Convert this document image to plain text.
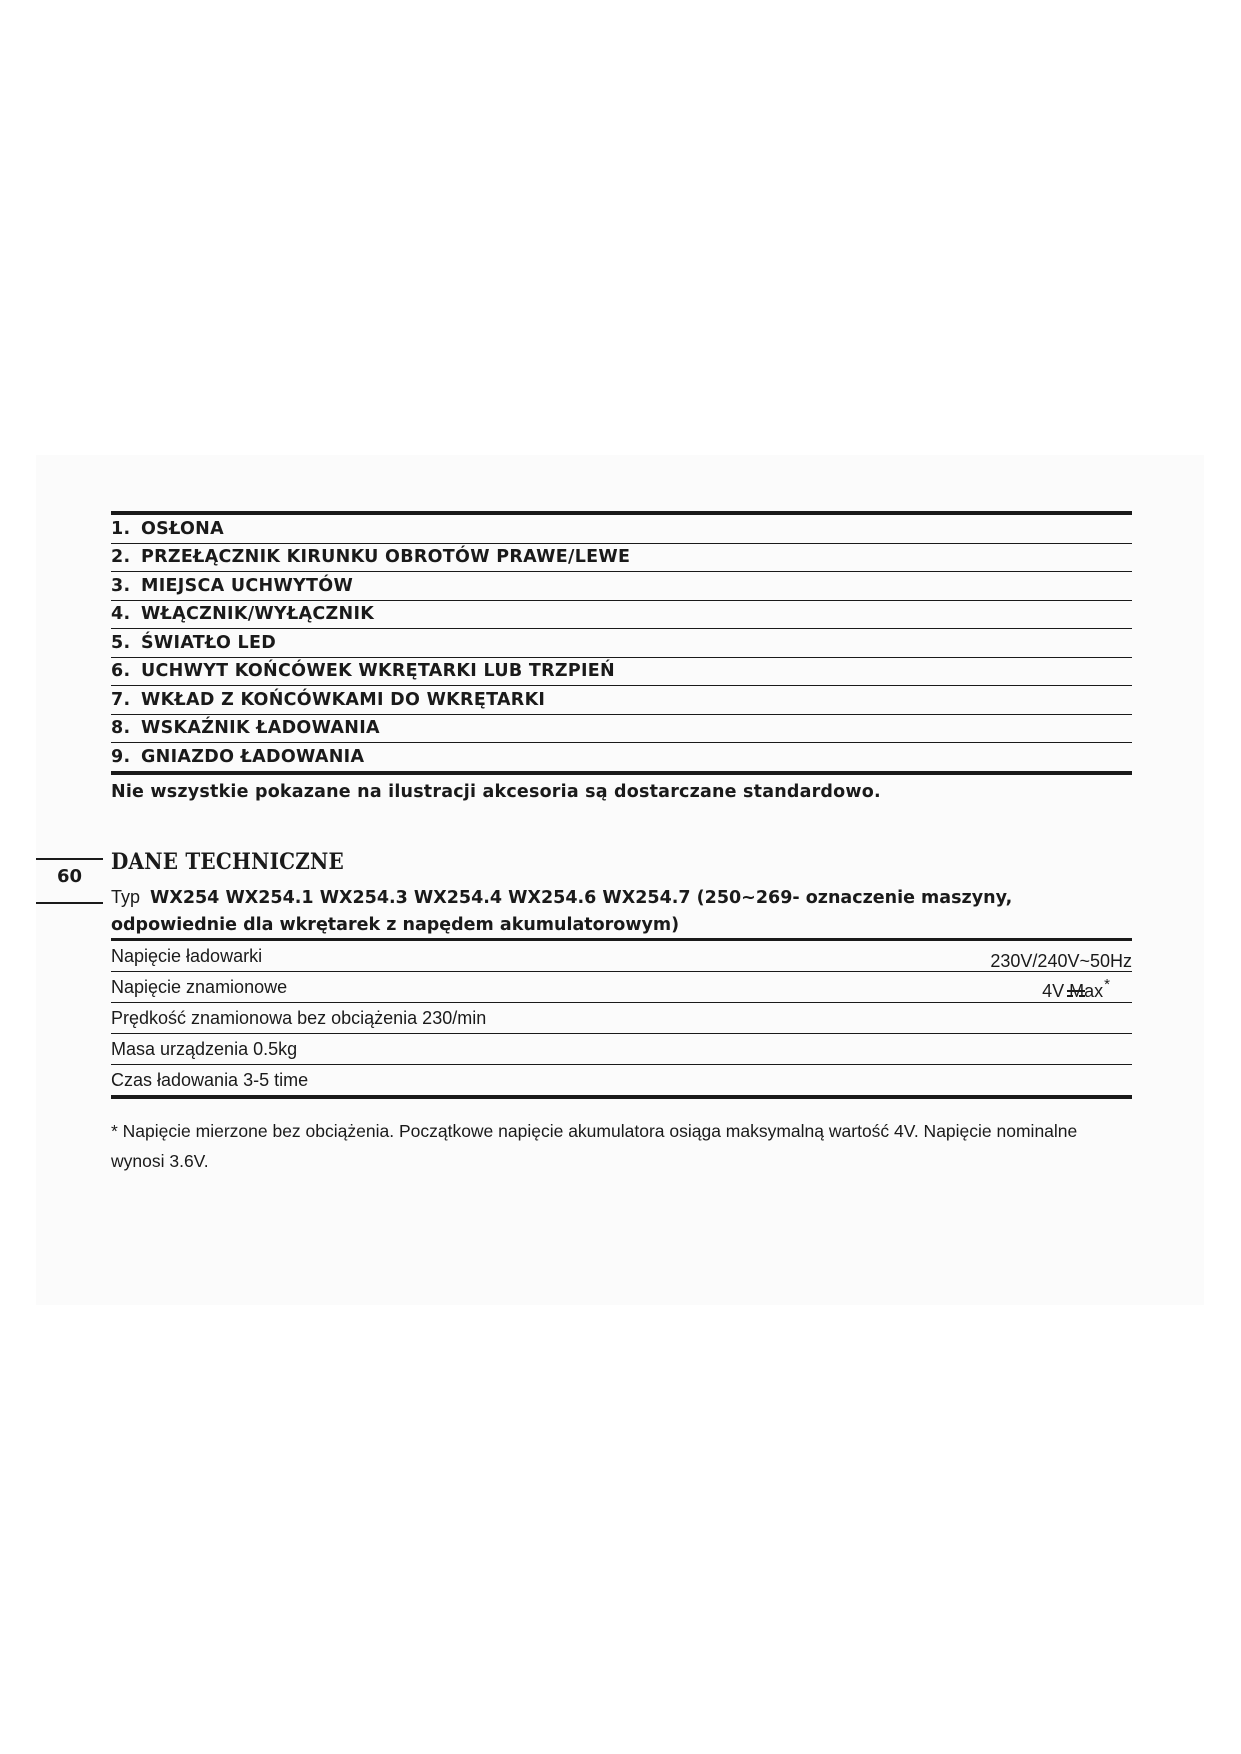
1. OSŁONA
2. PRZEŁĄCZNIK KIRUNKU OBROTÓW PRAWE/LEWE
3. MIEJSCA UCHWYTÓW
4. WŁĄCZNIK/WYŁĄCZNIK
5. ŚWIATŁO LED
6. UCHWYT KOŃCÓWEK WKRĘTARKI LUB TRZPIEŃ
7. WKŁAD Z KOŃCÓWKAMI DO WKRĘTARKI
8. WSKAŹNIK ŁADOWANIA
9. GNIAZDO ŁADOWANIA
Nie wszystkie pokazane na ilustracji akcesoria są dostarczane standardowo.
60
DANE TECHNICZNE
Typ WX254 WX254.1 WX254.3 WX254.4 WX254.6 WX254.7 (250~269- oznaczenie maszyny, odpowiednie dla wkrętarek z napędem akumulatorowym)
Napięcie ładowarki	230V/240V~50Hz
Napięcie znamionowe	4V Max*
Prędkość znamionowa bez obciążenia 230/min
Masa urządzenia 0.5kg
Czas ładowania 3-5 time
* Napięcie mierzone bez obciążenia. Początkowe napięcie akumulatora osiąga maksymalną wartość 4V. Napięcie nominalne wynosi 3.6V.
